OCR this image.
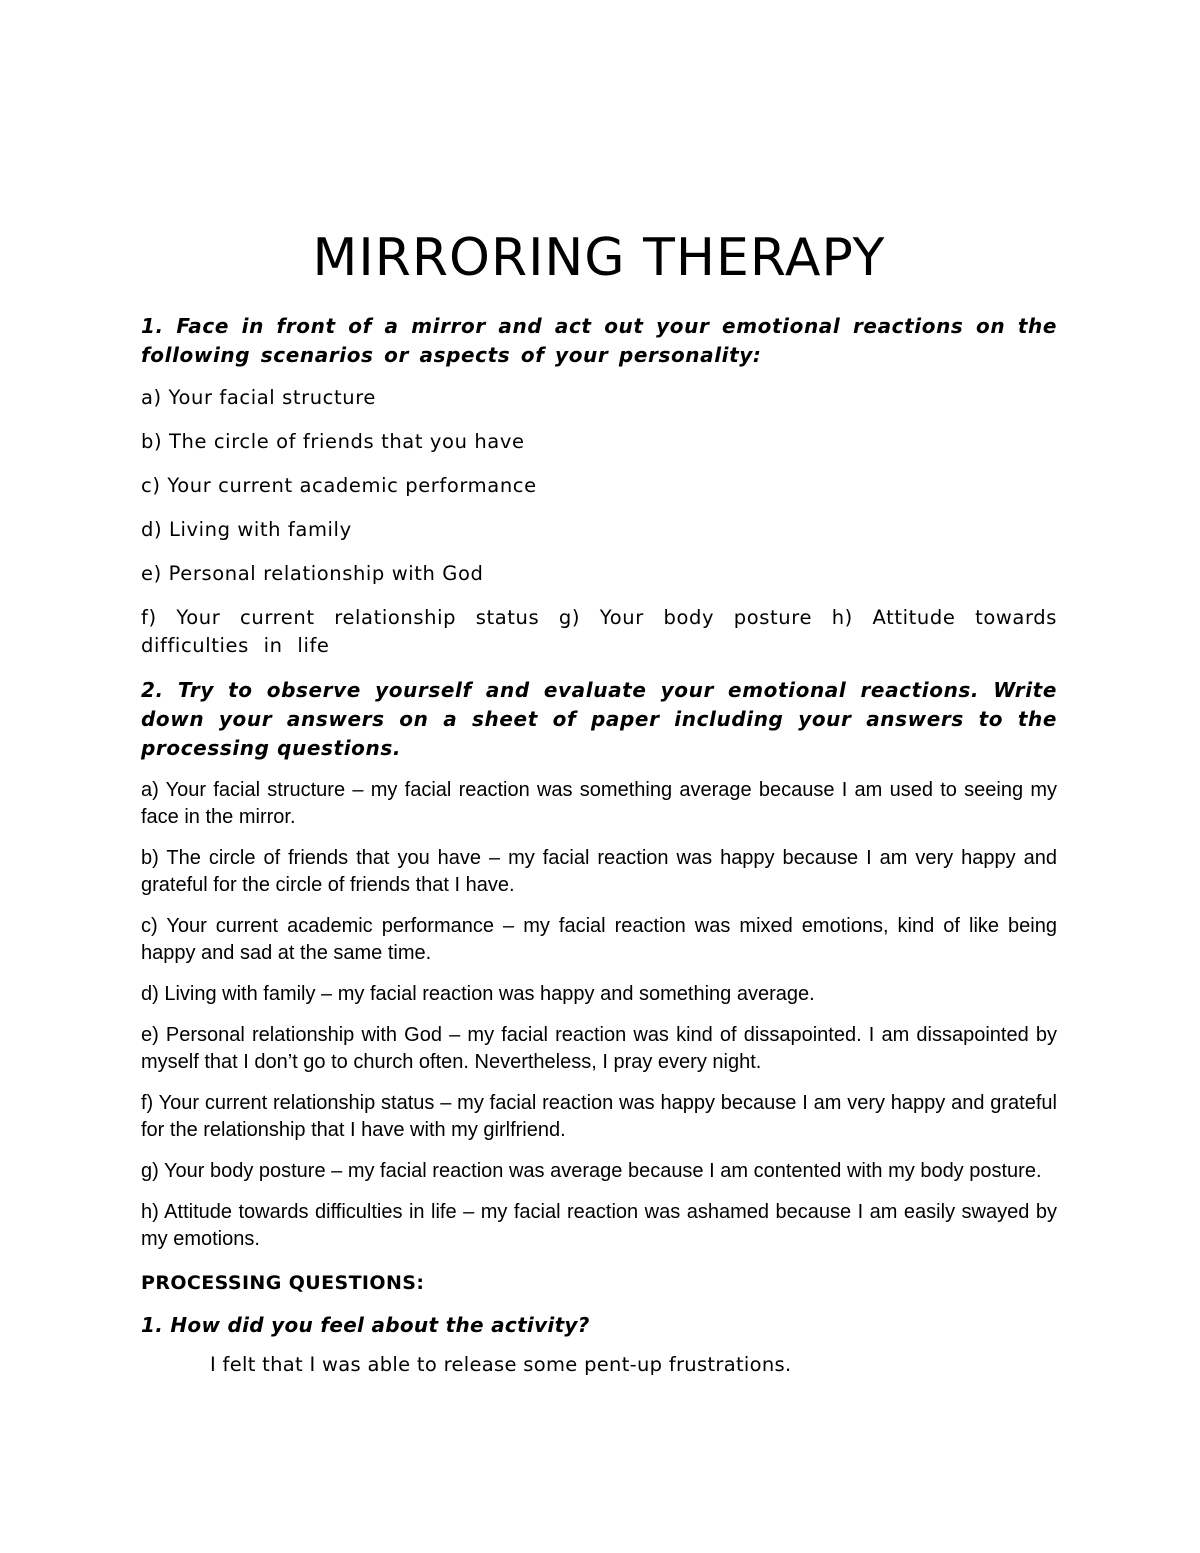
MIRRORING THERAPY

1. Face in front of a mirror and act out your emotional reactions on the following scenarios or aspects of your personality:

a) Your facial structure

b) The circle of friends that you have

c) Your current academic performance

d) Living with family

e) Personal relationship with God

f) Your current relationship status g) Your body posture h) Attitude towards difficulties in life

2. Try to observe yourself and evaluate your emotional reactions. Write down your answers on a sheet of paper including your answers to the processing questions.

a) Your facial structure – my facial reaction was something average because I am used to seeing my face in the mirror.

b) The circle of friends that you have – my facial reaction was happy because I am very happy and grateful for the circle of friends that I have.

c) Your current academic performance – my facial reaction was mixed emotions, kind of like being happy and sad at the same time.

d) Living with family – my facial reaction was happy and something average.

e) Personal relationship with God – my facial reaction was kind of dissapointed. I am dissapointed by myself that I don’t go to church often. Nevertheless, I pray every night.

f) Your current relationship status – my facial reaction was happy because I am very happy and grateful for the relationship that I have with my girlfriend.

g) Your body posture – my facial reaction was average because I am contented with my body posture.

h) Attitude towards difficulties in life – my facial reaction was ashamed because I am easily swayed by my emotions.

PROCESSING QUESTIONS:

1. How did you feel about the activity?

I felt that I was able to release some pent-up frustrations.
